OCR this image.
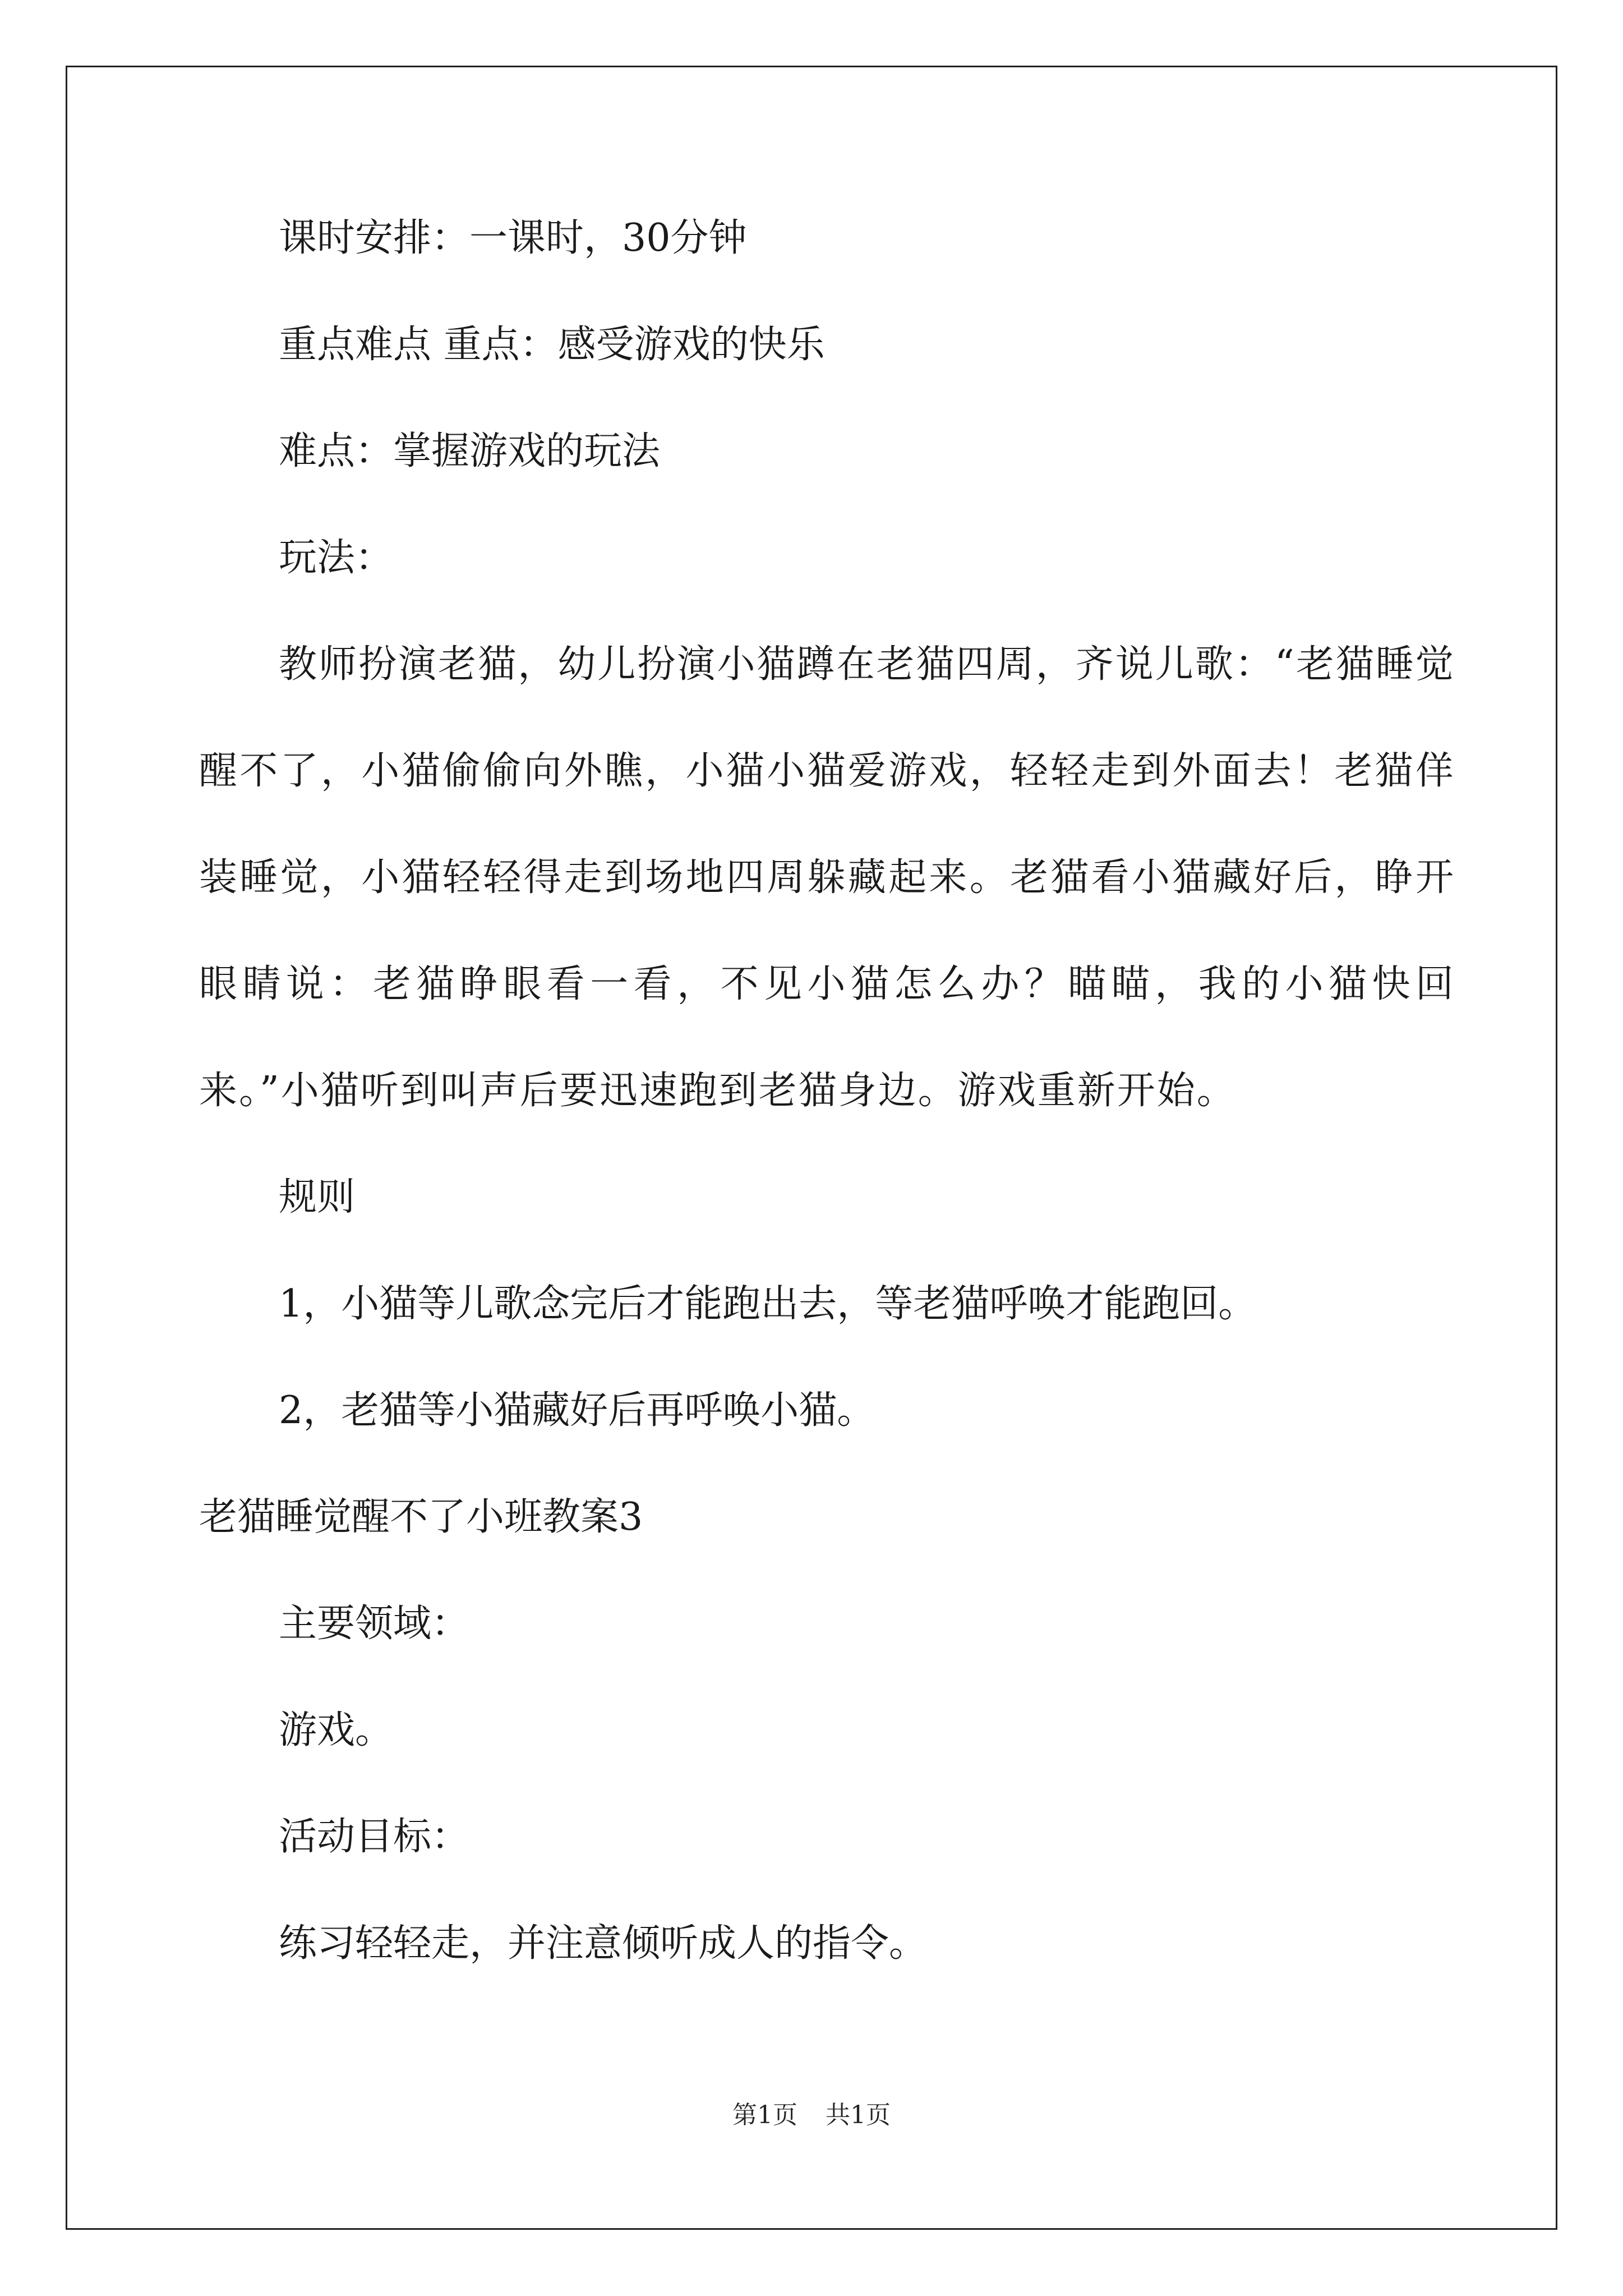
课时安排：一课时，30分钟

重点难点 重点：感受游戏的快乐

难点：掌握游戏的玩法

玩法：

教师扮演老猫，幼儿扮演小猫蹲在老猫四周，齐说儿歌：“老猫睡觉醒不了，小猫偷偷向外瞧，小猫小猫爱游戏，轻轻走到外面去！老猫佯装睡觉，小猫轻轻得走到场地四周躲藏起来。老猫看小猫藏好后，睁开眼睛说：老猫睁眼看一看，不见小猫怎么办？瞄瞄，我的小猫快回来。”小猫听到叫声后要迅速跑到老猫身边。游戏重新开始。

规则

1，小猫等儿歌念完后才能跑出去，等老猫呼唤才能跑回。

2，老猫等小猫藏好后再呼唤小猫。

老猫睡觉醒不了小班教案3

主要领域：

游戏。

活动目标：

练习轻轻走，并注意倾听成人的指令。

第1页 共1页
